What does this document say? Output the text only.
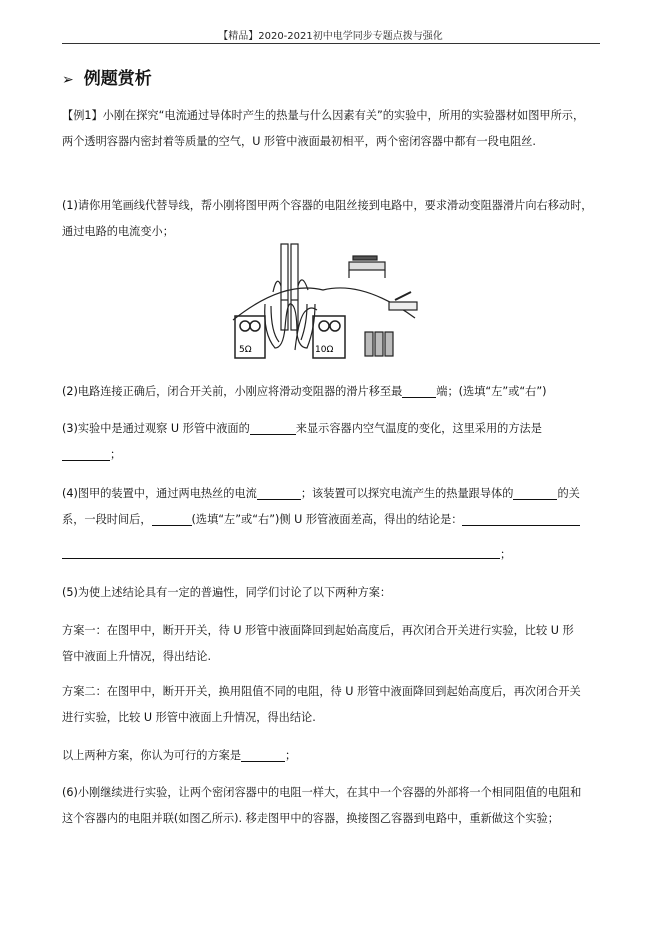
【精品】2020-2021初中电学同步专题点拨与强化
➢ 例题赏析
【例1】小刚在探究“电流通过导体时产生的热量与什么因素有关”的实验中，所用的实验器材如图甲所示，
两个透明容器内密封着等质量的空气，U 形管中液面最初相平，两个密闭容器中都有一段电阻丝.
(1)请你用笔画线代替导线，帮小刚将图甲两个容器的电阻丝接到电路中，要求滑动变阻器滑片向右移动时，
通过电路的电流变小；
5Ω	10Ω
(2)电路连接正确后，闭合开关前，小刚应将滑动变阻器的滑片移至最	端；(选填“左”或“右”)
(3)实验中是通过观察 U 形管中液面的	来显示容器内空气温度的变化，这里采用的方法是
；
(4)图甲的装置中，通过两电热丝的电流	；该装置可以探究电流产生的热量跟导体的	的关
系，一段时间后，	(选填“左”或“右”)侧 U 形管液面差高，得出的结论是：
；
(5)为使上述结论具有一定的普遍性，同学们讨论了以下两种方案：
方案一：在图甲中，断开开关，待 U 形管中液面降回到起始高度后，再次闭合开关进行实验，比较 U 形
管中液面上升情况，得出结论.
方案二：在图甲中，断开开关，换用阻值不同的电阻，待 U 形管中液面降回到起始高度后，再次闭合开关
进行实验，比较 U 形管中液面上升情况，得出结论.
以上两种方案，你认为可行的方案是	；
(6)小刚继续进行实验，让两个密闭容器中的电阻一样大，在其中一个容器的外部将一个相同阻值的电阻和
这个容器内的电阻并联(如图乙所示). 移走图甲中的容器，换接图乙容器到电路中，重新做这个实验；
